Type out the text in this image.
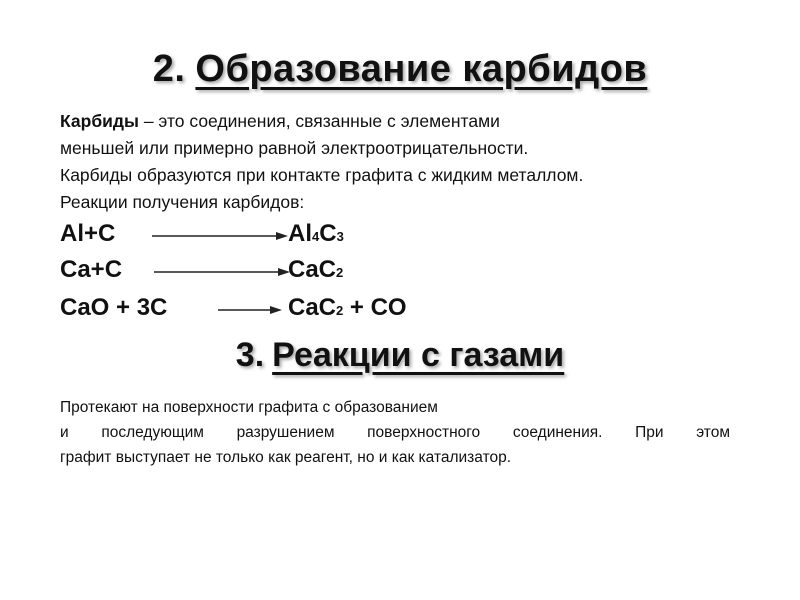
2. Образование карбидов
Карбиды – это соединения, связанные с элементами
меньшей или примерно равной электроотрицательности.
Карбиды образуются при контакте графита с жидким металлом.
Реакции получения карбидов:
Al+C	Al4C3
Ca+C	CaC2
CaO + 3C → CaC2 + CO
3. Реакции с газами
Протекают на поверхности графита с образованием
и последующим разрушением поверхностного соединения. При этом
графит выступает не только как реагент, но и как катализатор.
